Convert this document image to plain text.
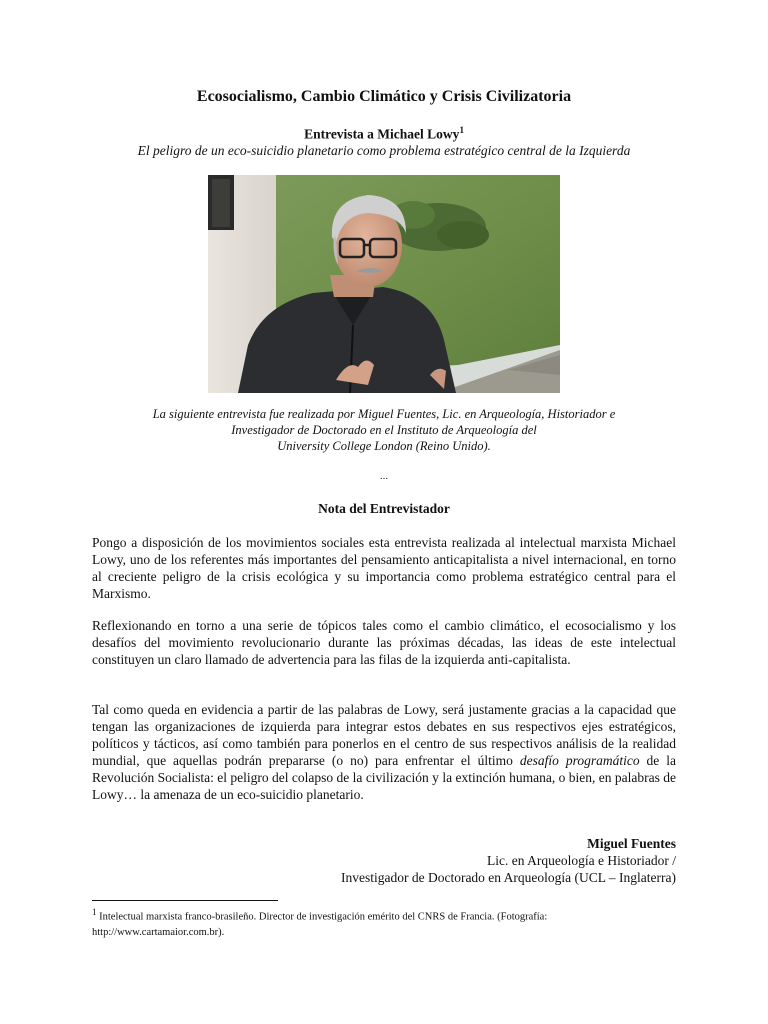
Ecosocialismo, Cambio Climático y Crisis Civilizatoria
Entrevista a Michael Lowy$^1$
El peligro de un eco-suicidio planetario como problema estratégico central de la Izquierda
La siguiente entrevista fue realizada por Miguel Fuentes, Lic. en Arqueología, Historiador e
Investigador de Doctorado en el Instituto de Arqueología del
University College London (Reino Unido).
...
Nota del Entrevistador

Pongo a disposición de los movimientos sociales esta entrevista realizada al intelectual marxista Michael Lowy, uno de los referentes más importantes del pensamiento anticapitalista a nivel internacional, en torno al creciente peligro de la crisis ecológica y su importancia como problema estratégico central para el Marxismo.

Reflexionando en torno a una serie de tópicos tales como el cambio climático, el ecosocialismo y los desafíos del movimiento revolucionario durante las próximas décadas, las ideas de este intelectual constituyen un claro llamado de advertencia para las filas de la izquierda anti-capitalista.

Tal como queda en evidencia a partir de las palabras de Lowy, será justamente gracias a la capacidad que tengan las organizaciones de izquierda para integrar estos debates en sus respectivos ejes estratégicos, políticos y tácticos, así como también para ponerlos en el centro de sus respectivos análisis de la realidad mundial, que aquellas podrán prepararse (o no) para enfrentar el último desafío programático de la Revolución Socialista: el peligro del colapso de la civilización y la extinción humana, o bien, en palabras de Lowy… la amenaza de un eco-suicidio planetario.

Miguel Fuentes
Lic. en Arqueología e Historiador /
Investigador de Doctorado en Arqueología (UCL – Inglaterra)
$^1$ Intelectual marxista franco-brasileño. Director de investigación emérito del CNRS de Francia. (Fotografía: http://www.cartamaior.com.br).
